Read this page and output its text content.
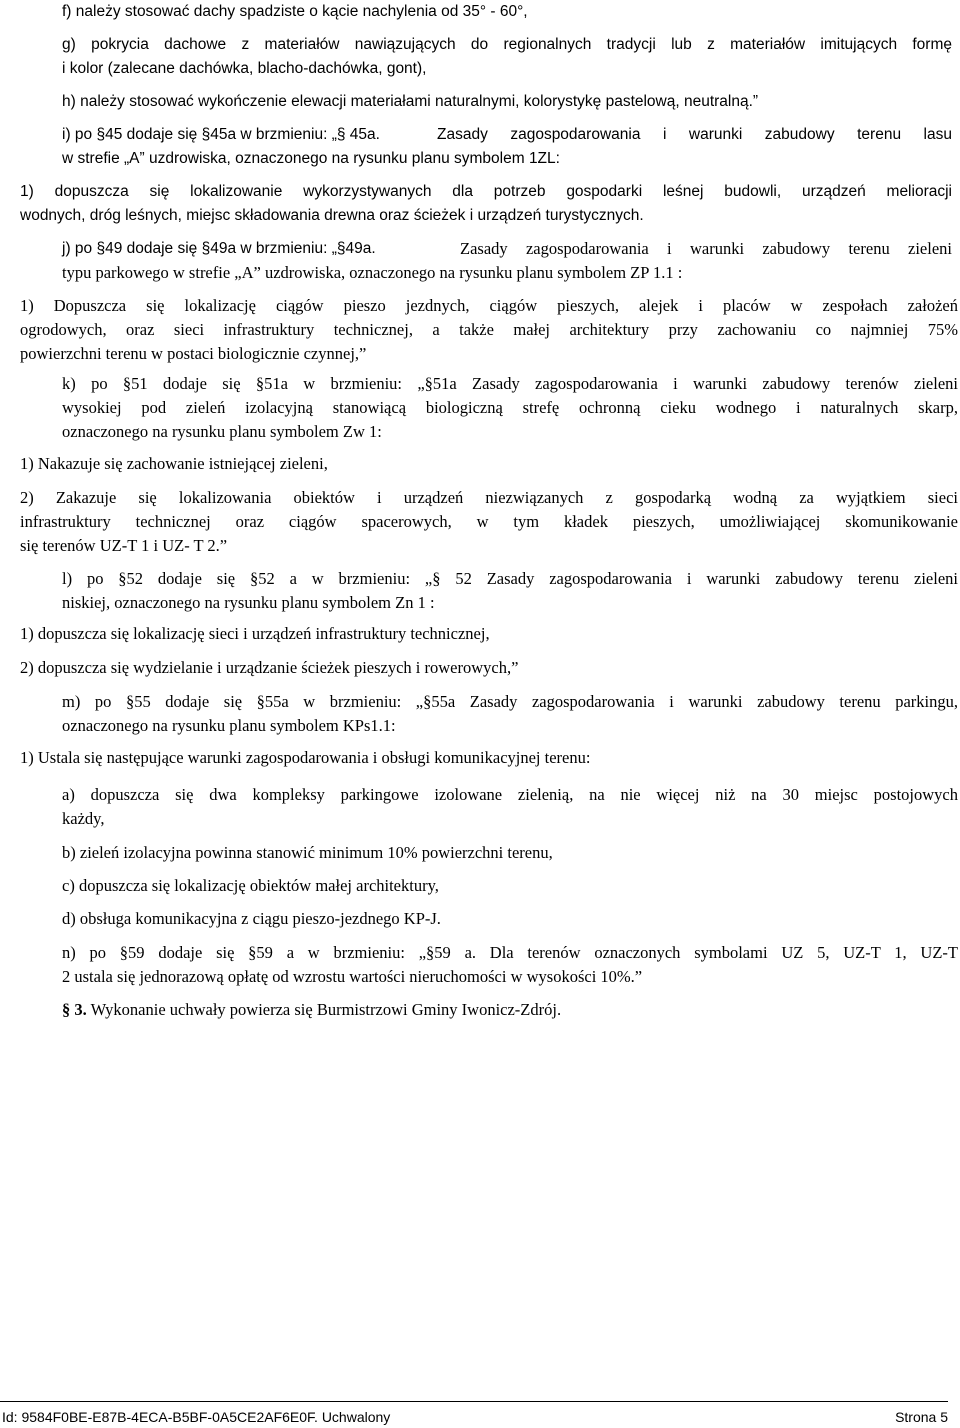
f) należy stosować dachy spadziste o kącie nachylenia od 35° - 60°,
g) pokrycia dachowe z materiałów nawiązujących do regionalnych tradycji lub z materiałów imitujących formę
i kolor (zalecane dachówka, blacho-dachówka, gont),
h) należy stosować wykończenie elewacji materiałami naturalnymi, kolorystykę pastelową, neutralną.”
i) po §45 dodaje się §45a w brzmieniu: „§ 45a.	Zasady zagospodarowania i warunki zabudowy terenu lasu
w strefie „A” uzdrowiska, oznaczonego na rysunku planu symbolem 1ZL:
1) dopuszcza się lokalizowanie wykorzystywanych dla potrzeb gospodarki leśnej budowli, urządzeń melioracji
wodnych, dróg leśnych, miejsc składowania drewna oraz ścieżek i urządzeń turystycznych.
j) po §49 dodaje się §49a w brzmieniu: „§49a.	Zasady zagospodarowania i warunki zabudowy terenu zieleni
typu parkowego w strefie „A” uzdrowiska, oznaczonego na rysunku planu symbolem ZP 1.1 :
1) Dopuszcza się lokalizację ciągów pieszo jezdnych, ciągów pieszych, alejek i placów w zespołach założeń
ogrodowych, oraz sieci infrastruktury technicznej, a także małej architektury przy zachowaniu co najmniej 75%
powierzchni terenu w postaci biologicznie czynnej,”
k) po §51 dodaje się §51a w brzmieniu: „§51a Zasady zagospodarowania i warunki zabudowy terenów zieleni
wysokiej pod zieleń izolacyjną stanowiącą biologiczną strefę ochronną cieku wodnego i naturalnych skarp,
oznaczonego na rysunku planu symbolem Zw 1:
1) Nakazuje się zachowanie istniejącej zieleni,
2) Zakazuje się lokalizowania obiektów i urządzeń niezwiązanych z gospodarką wodną za wyjątkiem sieci
infrastruktury technicznej oraz ciągów spacerowych, w tym kładek pieszych, umożliwiającej skomunikowanie
się terenów UZ-T 1 i UZ- T 2.”
l) po §52 dodaje się §52 a w brzmieniu: „§ 52 Zasady zagospodarowania i warunki zabudowy terenu zieleni
niskiej, oznaczonego na rysunku planu symbolem Zn 1 :
1) dopuszcza się lokalizację sieci i urządzeń infrastruktury technicznej,
2) dopuszcza się wydzielanie i urządzanie ścieżek pieszych i rowerowych,”
m) po §55 dodaje się §55a w brzmieniu: „§55a Zasady zagospodarowania i warunki zabudowy terenu parkingu,
oznaczonego na rysunku planu symbolem KPs1.1:
1) Ustala się następujące warunki zagospodarowania i obsługi komunikacyjnej terenu:
a) dopuszcza się dwa kompleksy parkingowe izolowane zielenią, na nie więcej niż na 30 miejsc postojowych
każdy,
b) zieleń izolacyjna powinna stanowić minimum 10% powierzchni terenu,
c) dopuszcza się lokalizację obiektów małej architektury,
d) obsługa komunikacyjna z ciągu pieszo-jezdnego KP-J.
n) po §59 dodaje się §59 a w brzmieniu: „§59 a. Dla terenów oznaczonych symbolami UZ 5, UZ-T 1, UZ-T
2 ustala się jednorazową opłatę od wzrostu wartości nieruchomości w wysokości 10%.”
§ 3. Wykonanie uchwały powierza się Burmistrzowi Gminy Iwonicz-Zdrój.
Id: 9584F0BE-E87B-4ECA-B5BF-0A5CE2AF6E0F. Uchwalony	Strona 5
